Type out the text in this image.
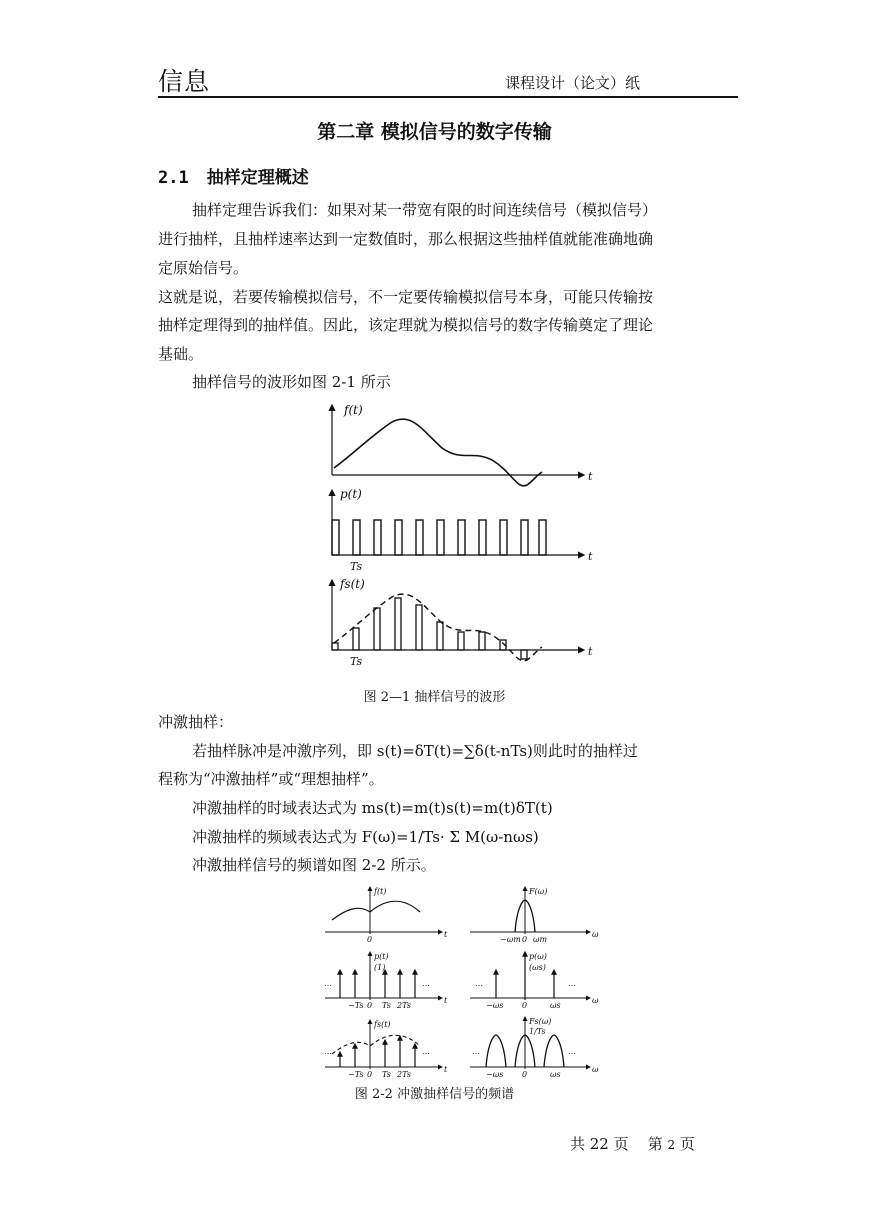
信息	课程设计（论文）纸
第二章 模拟信号的数字传输
2.1 抽样定理概述
抽样定理告诉我们：如果对某一带宽有限的时间连续信号（模拟信号）
进行抽样，且抽样速率达到一定数值时，那么根据这些抽样值就能准确地确
定原始信号。
这就是说，若要传输模拟信号，不一定要传输模拟信号本身，可能只传输按
抽样定理得到的抽样值。因此，该定理就为模拟信号的数字传输奠定了理论
基础。
抽样信号的波形如图 2-1 所示
f(t)
t
p(t)
t
Ts
fs(t)
t
Ts
图 2—1 抽样信号的波形
冲激抽样：
若抽样脉冲是冲激序列，即 s(t)=δT(t)=∑δ(t-nTs)则此时的抽样过
程称为“冲激抽样”或“理想抽样”。
冲激抽样的时域表达式为 ms(t)=m(t)s(t)=m(t)δT(t)
冲激抽样的频域表达式为 F(ω)=1/Ts· Σ M(ω-nωs)
冲激抽样信号的频谱如图 2-2 所示。
f(t)
0
t
F(ω)
−ωm 0 ωm
ω
p(t)
(1)
…	…
−Ts 0 Ts 2Ts
t
p(ω)
(ωs)
…	…
−ωs 0	ωs
ω
fs(t)
…	…
−Ts 0 Ts 2Ts
t
Fs(ω)
1/Ts
…	…
−ωs 0	ωs
ω
图 2-2 冲激抽样信号的频谱
共 22 页 第 2 页
